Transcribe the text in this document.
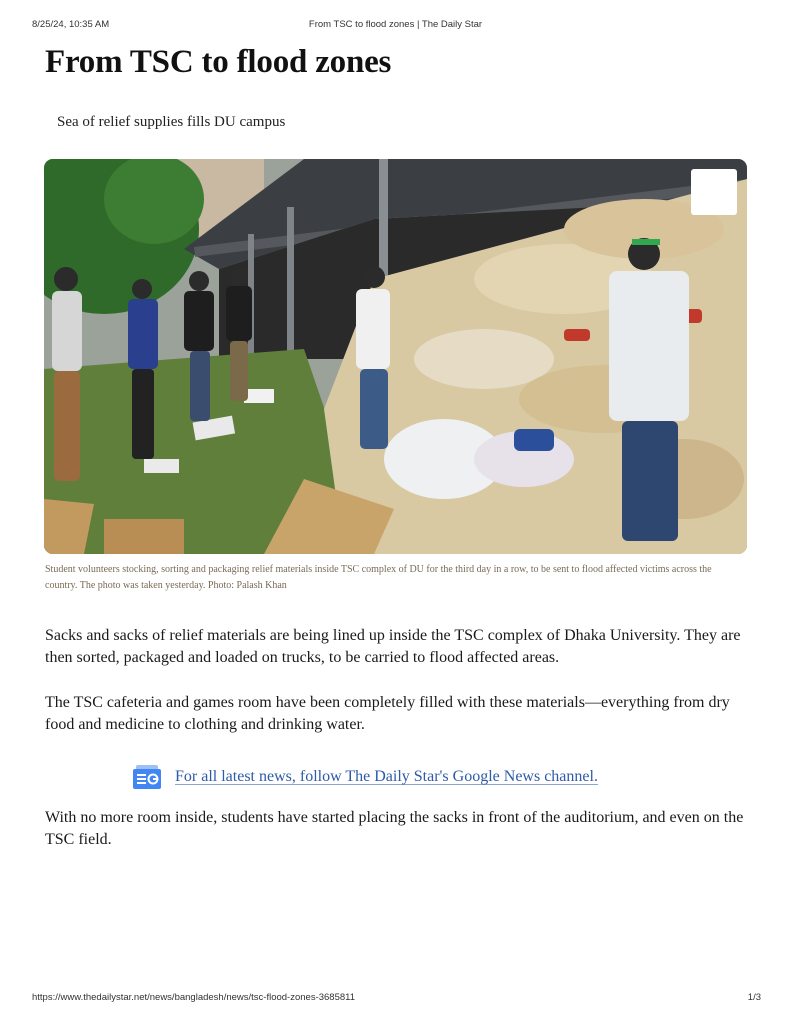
8/25/24, 10:35 AM	From TSC to flood zones | The Daily Star
From TSC to flood zones
Sea of relief supplies fills DU campus
Student volunteers stocking, sorting and packaging relief materials inside TSC complex of DU for the third day in a row, to be sent to flood affected victims across the country. The photo was taken yesterday. Photo: Palash Khan

Sacks and sacks of relief materials are being lined up inside the TSC complex of Dhaka University. They are then sorted, packaged and loaded on trucks, to be carried to flood affected areas.

The TSC cafeteria and games room have been completely filled with these materials—everything from dry food and medicine to clothing and drinking water.

For all latest news, follow The Daily Star's Google News channel.

With no more room inside, students have started placing the sacks in front of the auditorium, and even on the TSC field.

https://www.thedailystar.net/news/bangladesh/news/tsc-flood-zones-3685811	1/3
